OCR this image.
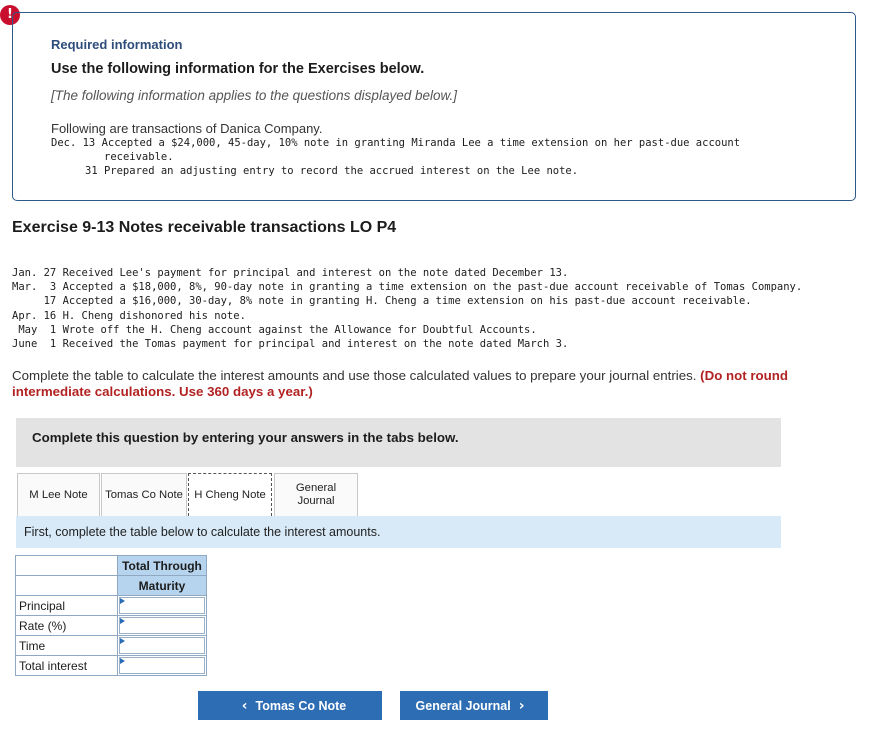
!
Required information
Use the following information for the Exercises below.
[The following information applies to the questions displayed below.]
Following are transactions of Danica Company.
Dec. 13 Accepted a $24,000, 45-day, 10% note in granting Miranda Lee a time extension on her past-due account
receivable.
31 Prepared an adjusting entry to record the accrued interest on the Lee note.
Exercise 9-13 Notes receivable transactions LO P4
Jan. 27 Received Lee's payment for principal and interest on the note dated December 13.
Mar.  3 Accepted a $18,000, 8%, 90-day note in granting a time extension on the past-due account receivable of Tomas Company.
17 Accepted a $16,000, 30-day, 8% note in granting H. Cheng a time extension on his past-due account receivable.
Apr. 16 H. Cheng dishonored his note.
May  1 Wrote off the H. Cheng account against the Allowance for Doubtful Accounts.
June  1 Received the Tomas payment for principal and interest on the note dated March 3.
Complete the table to calculate the interest amounts and use those calculated values to prepare your journal entries. (Do not round intermediate calculations. Use 360 days a year.)
Complete this question by entering your answers in the tabs below.
M Lee Note Tomas Co Note H Cheng Note
General Journal
First, complete the table below to calculate the interest amounts.
	Total Through
	Maturity
Principal	

Rate (%)	

Time	

Total interest	
‹ Tomas Co Note	General Journal ›
